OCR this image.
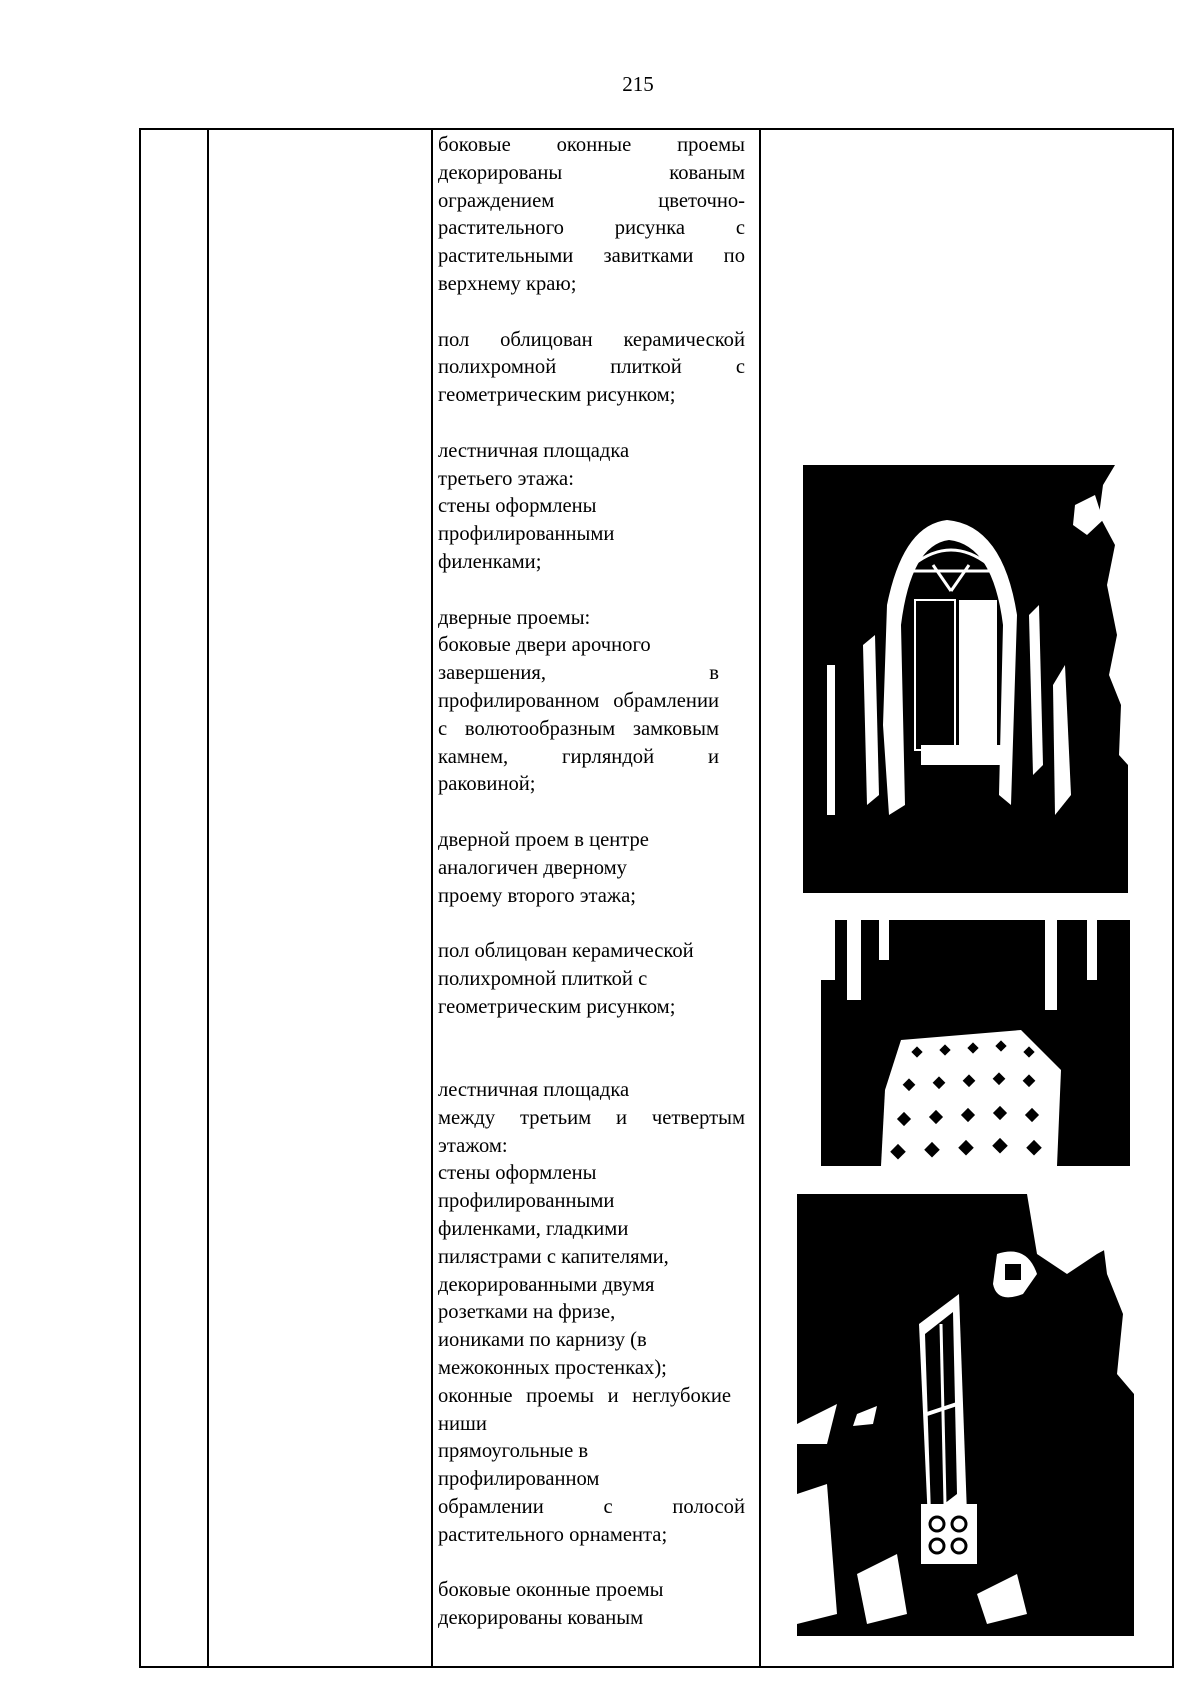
215

боковые оконные проемы декорированы кованым ограждением цветочно-растительного рисунка с растительными завитками по верхнему краю;

пол облицован керамической полихромной плиткой с геометрическим рисунком;

лестничная площадка

третьего этажа:

стены оформлены

профилированными

филенками;

дверные проемы:

боковые двери арочного

завершения, в профилированном обрамлении с волютообразным замковым камнем, гирляндой и раковиной;

дверной проем в центре

аналогичен дверному

проему второго этажа;

пол облицован керамической

полихромной плиткой с

геометрическим рисунком;

лестничная площадка

между третьим и четвертым этажом:

стены оформлены

профилированными

филенками, гладкими

пилястрами с капителями,

декорированными двумя

розетками на фризе,

иониками по карнизу (в

межоконных простенках);

оконные проемы и неглубокие ниши

прямоугольные в

профилированном

обрамлении с полосой растительного орнамента;

боковые оконные проемы

декорированы кованым
